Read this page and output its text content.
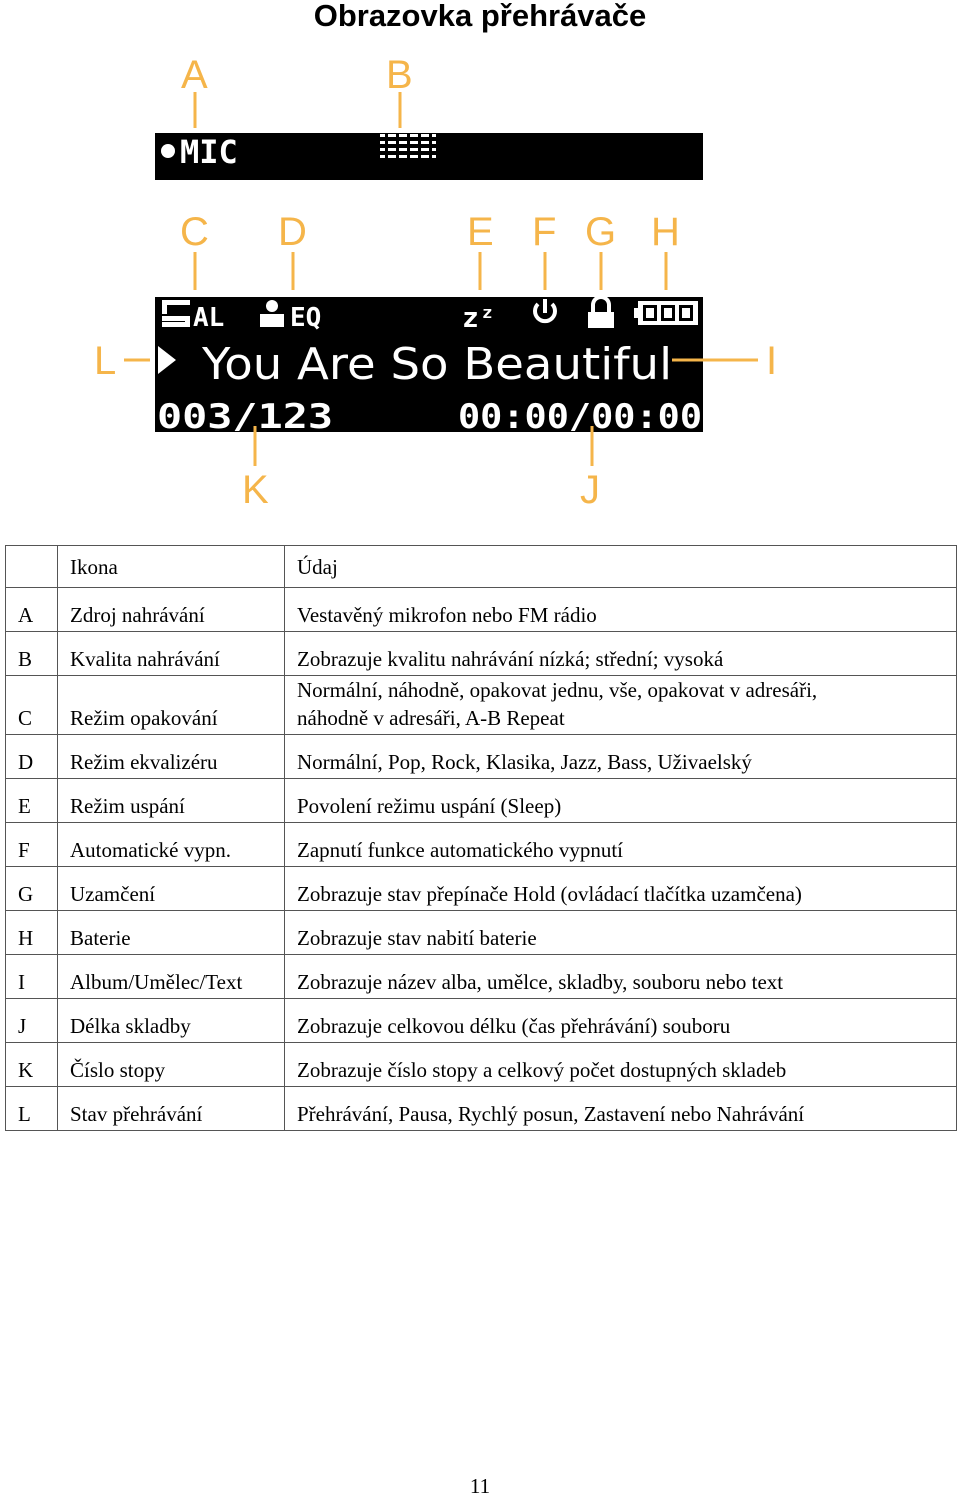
Obrazovka přehrávače
MIC
AL	EQ	zᶻ
You Are So Beautiful
003/123	00:00/00:00
A	B
C D	E F G H
L	I
K	J
	Ikona	Údaj
A	Zdroj nahrávání	Vestavěný mikrofon nebo FM rádio
B	Kvalita nahrávání	Zobrazuje kvalitu nahrávání nízká; střední; vysoká
C	Režim opakování	Normální, náhodně, opakovat jednu, vše, opakovat v adresáři,
náhodně v adresáři, A-B Repeat

D	Režim ekvalizéru	Normální, Pop, Rock, Klasika, Jazz, Bass, Uživaelský
E	Režim uspání	Povolení režimu uspání (Sleep)
F	Automatické vypn.	Zapnutí funkce automatického vypnutí
G	Uzamčení	Zobrazuje stav přepínače Hold (ovládací tlačítka uzamčena)
H	Baterie	Zobrazuje stav nabití baterie
I	Album/Umělec/Text	Zobrazuje název alba, umělce, skladby, souboru nebo text
J	Délka skladby	Zobrazuje celkovou délku (čas přehrávání) souboru
K	Číslo stopy	Zobrazuje číslo stopy a celkový počet dostupných skladeb
L	Stav přehrávání	Přehrávání, Pausa, Rychlý posun, Zastavení nebo Nahrávání
11
